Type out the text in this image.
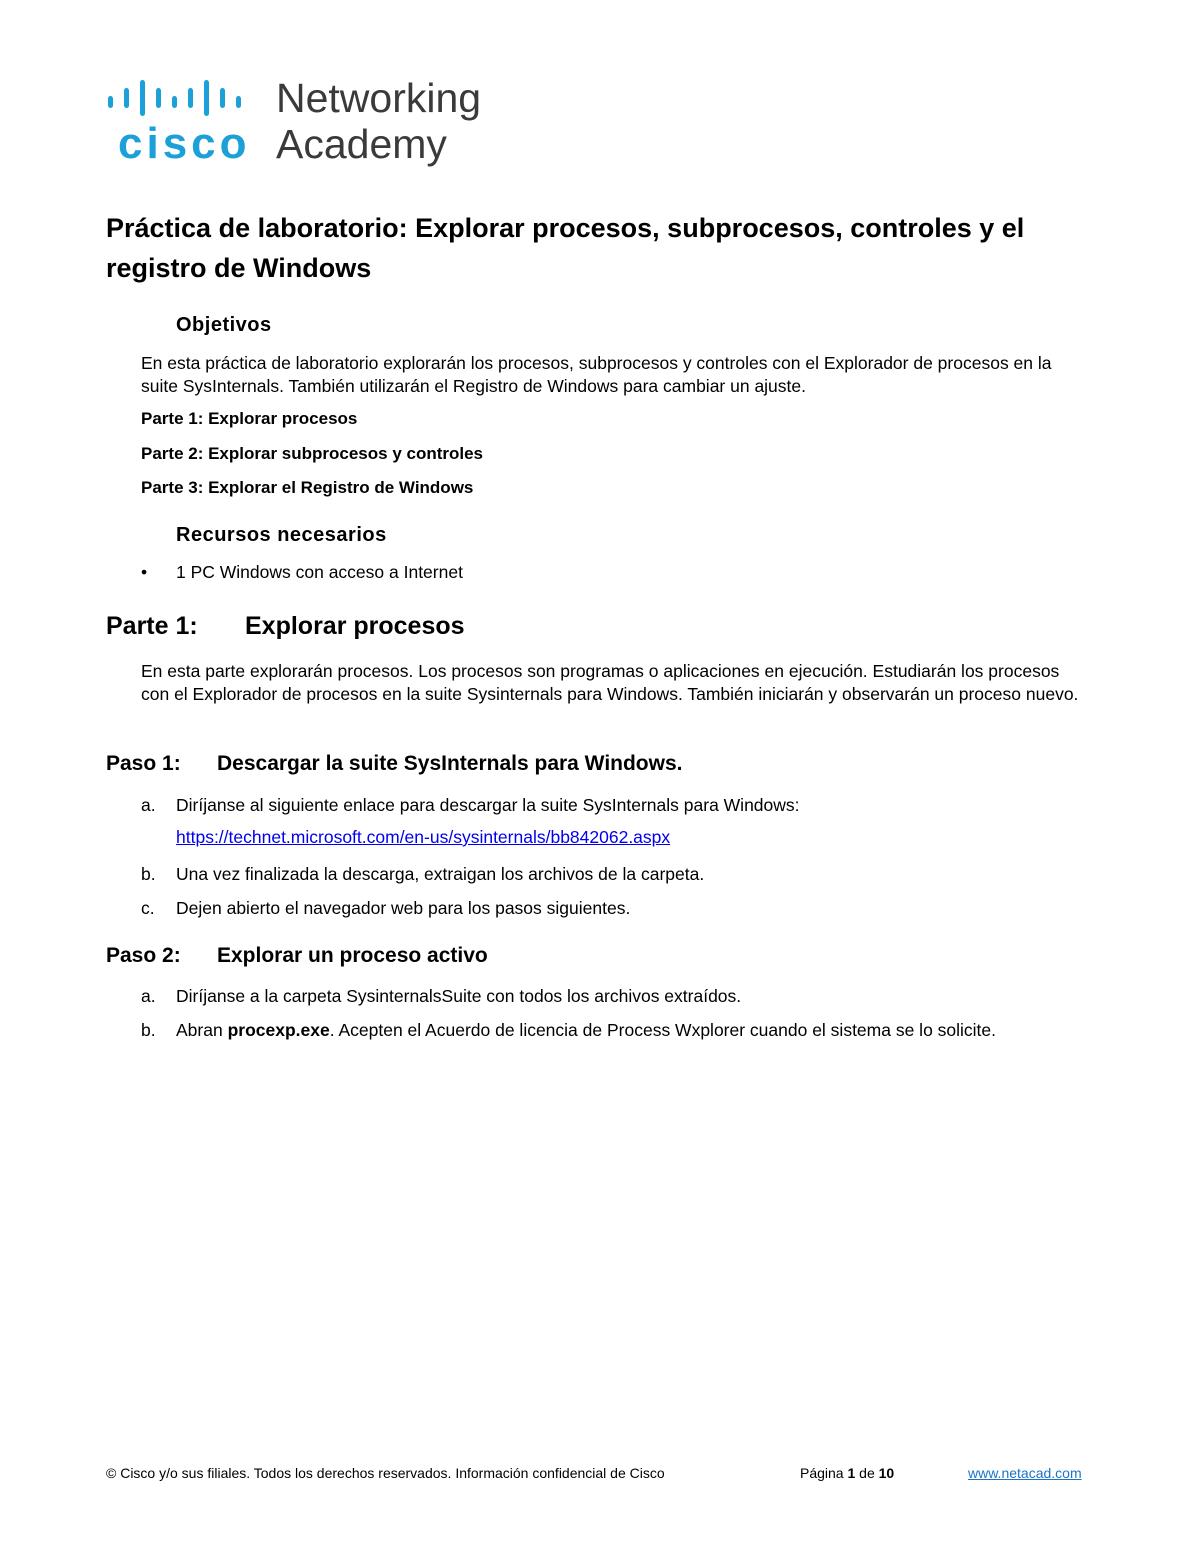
cisco
Networking
Academy
Práctica de laboratorio: Explorar procesos, subprocesos, controles y el registro de Windows
Objetivos

En esta práctica de laboratorio explorarán los procesos, subprocesos y controles con el Explorador de procesos en la suite SysInternals. También utilizarán el Registro de Windows para cambiar un ajuste.

Parte 1: Explorar procesos

Parte 2: Explorar subprocesos y controles

Parte 3: Explorar el Registro de Windows

Recursos necesarios
• 1 PC Windows con acceso a Internet
Parte 1: Explorar procesos

En esta parte explorarán procesos. Los procesos son programas o aplicaciones en ejecución. Estudiarán los procesos con el Explorador de procesos en la suite Sysinternals para Windows. También iniciarán y observarán un proceso nuevo.

Paso 1: Descargar la suite SysInternals para Windows.
a. Diríjanse al siguiente enlace para descargar la suite SysInternals para Windows:
https://technet.microsoft.com/en-us/sysinternals/bb842062.aspx
b. Una vez finalizada la descarga, extraigan los archivos de la carpeta.
c. Dejen abierto el navegador web para los pasos siguientes.
Paso 2: Explorar un proceso activo
a. Diríjanse a la carpeta SysinternalsSuite con todos los archivos extraídos.
b. Abran procexp.exe. Acepten el Acuerdo de licencia de Process Wxplorer cuando el sistema se lo solicite.
© Cisco y/o sus filiales. Todos los derechos reservados. Información confidencial de Cisco	Página 1 de 10	www.netacad.com
